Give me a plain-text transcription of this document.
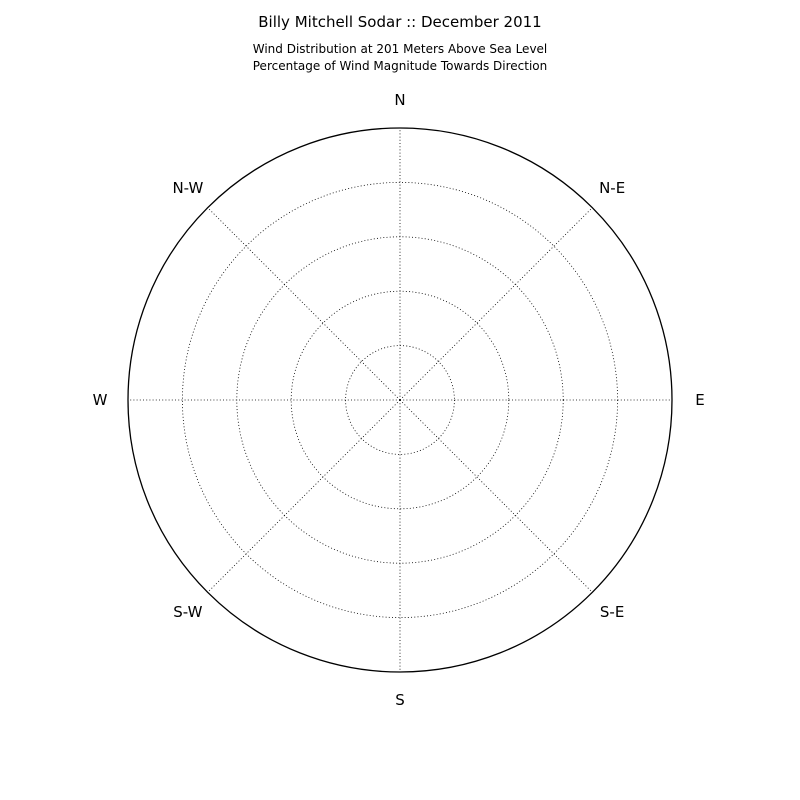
Billy Mitchell Sodar :: December 2011
Wind Distribution at 201 Meters Above Sea Level
Percentage of Wind Magnitude Towards Direction
N
N-E
E
S-E
S
S-W
W
N-W
